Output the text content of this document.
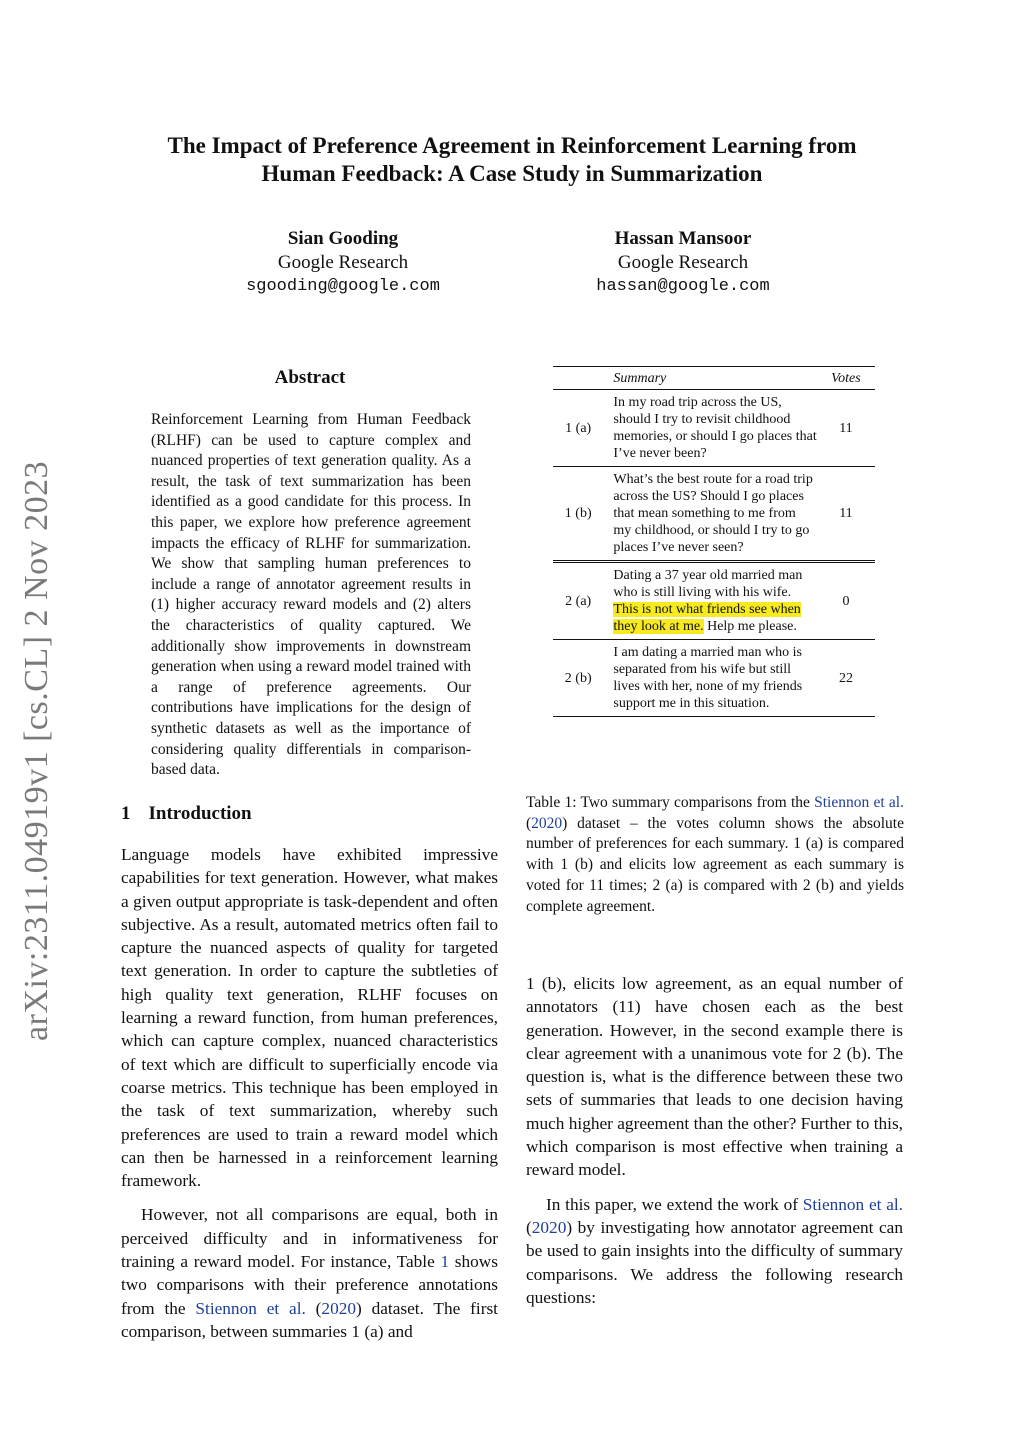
The Impact of Preference Agreement in Reinforcement Learning from
Human Feedback: A Case Study in Summarization
Sian Gooding
Google Research
sgooding@google.com
Hassan Mansoor
Google Research
hassan@google.com
arXiv:2311.04919v1 [cs.CL] 2 Nov 2023
Abstract
Reinforcement Learning from Human Feedback (RLHF) can be used to capture complex and nuanced properties of text generation quality. As a result, the task of text summarization has been identified as a good candidate for this process. In this paper, we explore how preference agreement impacts the efficacy of RLHF for summarization. We show that sampling human preferences to include a range of annotator agreement results in (1) higher accuracy reward models and (2) alters the characteristics of quality captured. We additionally show improvements in downstream generation when using a reward model trained with a range of preference agreements. Our contributions have implications for the design of synthetic datasets as well as the importance of considering quality differentials in comparison-based data.
1 Introduction

Language models have exhibited impressive capabilities for text generation. However, what makes a given output appropriate is task-dependent and often subjective. As a result, automated metrics often fail to capture the nuanced aspects of quality for targeted text generation. In order to capture the subtleties of high quality text generation, RLHF focuses on learning a reward function, from human preferences, which can capture complex, nuanced characteristics of text which are difficult to superficially encode via coarse metrics. This technique has been employed in the task of text summarization, whereby such preferences are used to train a reward model which can then be harnessed in a reinforcement learning framework.

However, not all comparisons are equal, both in perceived difficulty and in informativeness for training a reward model. For instance, Table 1 shows two comparisons with their preference annotations from the Stiennon et al. (2020) dataset. The first comparison, between summaries 1 (a) and

Summary	Votes
1 (a)
In my road trip across the US, should I try to revisit childhood memories, or should I go places that I’ve never been?
11
1 (b)
What’s the best route for a road trip across the US? Should I go places that mean something to me from my childhood, or should I try to go places I’ve never seen?
11
2 (a)
Dating a 37 year old married man who is still living with his wife. This is not what friends see when they look at me. Help me please.
0
2 (b)
I am dating a married man who is separated from his wife but still lives with her, none of my friends support me in this situation.
22
Table 1: Two summary comparisons from the Stiennon et al. (2020) dataset – the votes column shows the absolute number of preferences for each summary. 1 (a) is compared with 1 (b) and elicits low agreement as each summary is voted for 11 times; 2 (a) is compared with 2 (b) and yields complete agreement.

1 (b), elicits low agreement, as an equal number of annotators (11) have chosen each as the best generation. However, in the second example there is clear agreement with a unanimous vote for 2 (b). The question is, what is the difference between these two sets of summaries that leads to one decision having much higher agreement than the other? Further to this, which comparison is most effective when training a reward model.

In this paper, we extend the work of Stiennon et al. (2020) by investigating how annotator agreement can be used to gain insights into the difficulty of summary comparisons. We address the following research questions:
